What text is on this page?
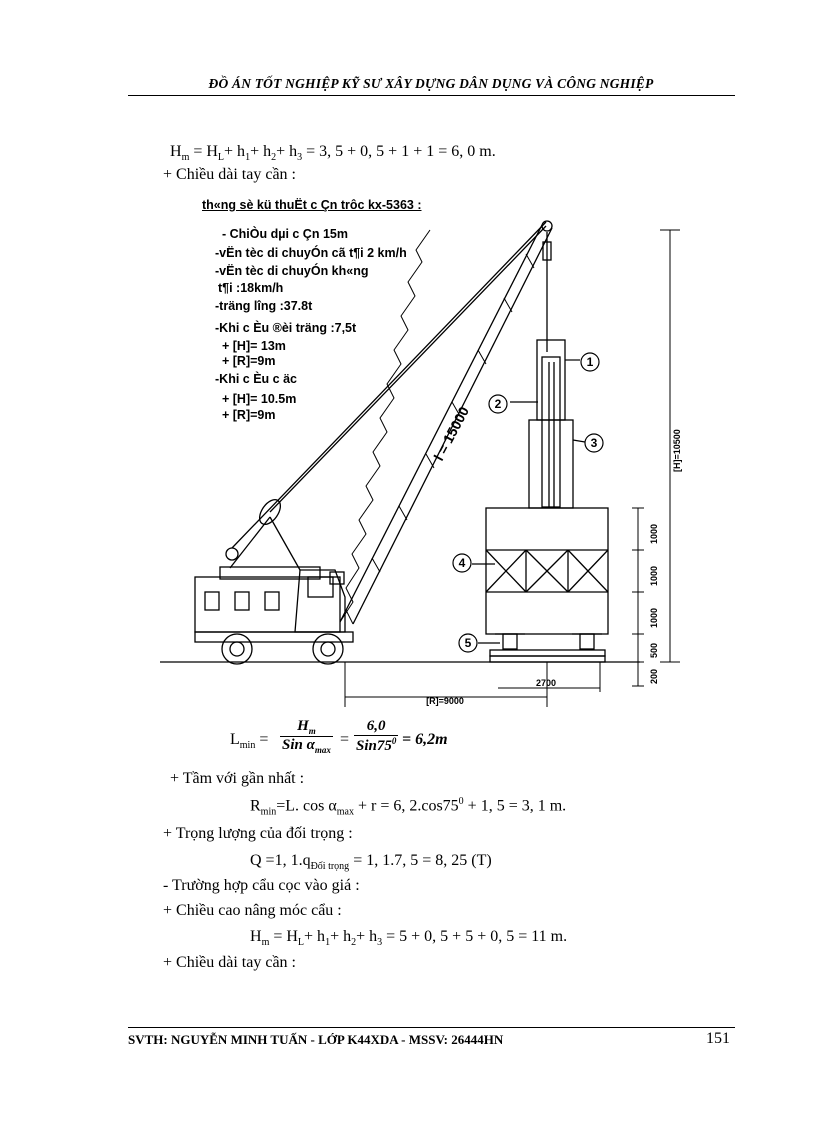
ĐỒ ÁN TỐT NGHIỆP KỸ SƯ XÂY DỰNG DÂN DỤNG VÀ CÔNG NGHIỆP
$H_m = H_L+ h_1+ h_2+ h_3 = 3$, 5 + 0, 5 + 1 + 1 = 6, 0 m.
+ Chiều dài tay cần :
l = 15000
1
2
3
4
5
1000
1000
1000
500
200
[H]=10500
2700
[R]=9000
th«ng sè kü thuËt c Çn trôc kx-5363 :
- ChiÒu dµi c Çn 15m
-vËn tèc di chuyÓn cã t¶i 2 km/h
-vËn tèc di chuyÓn kh«ng
t¶i :18km/h
-träng lîng :37.8t
-Khi c Èu ®èi träng :7,5t
+ [H]= 13m
+ [R]=9m
-Khi c Èu c äc
+ [H]= 10.5m
+ [R]=9m
$L_{min}$ =
$H_m$
Sin $\alpha_{max}$
=
6,0
$Sin75^0 = 6,2m$
+ Tầm với gần nhất :
$R_{min}=L$. $\cos \alpha_{max} + r = 6$, $2.\cos 75^0 + 1$, 5 = 3, 1 m.
+ Trọng lượng của đối trọng :
Q =1, $1.q_{Đối trọng} = 1$, 1.7, 5 = 8, 25 (T)
- Trường hợp cẩu cọc vào giá :
+ Chiều cao nâng móc cẩu :
$H_m = H_L+ h_1+ h_2+ h_3 = 5 + 0$, 5 + 5 + 0, 5 = 11 m.
+ Chiều dài tay cần :
SVTH: NGUYỄN MINH TUẤN - LỚP K44XDA - MSSV: 26444HN	151
